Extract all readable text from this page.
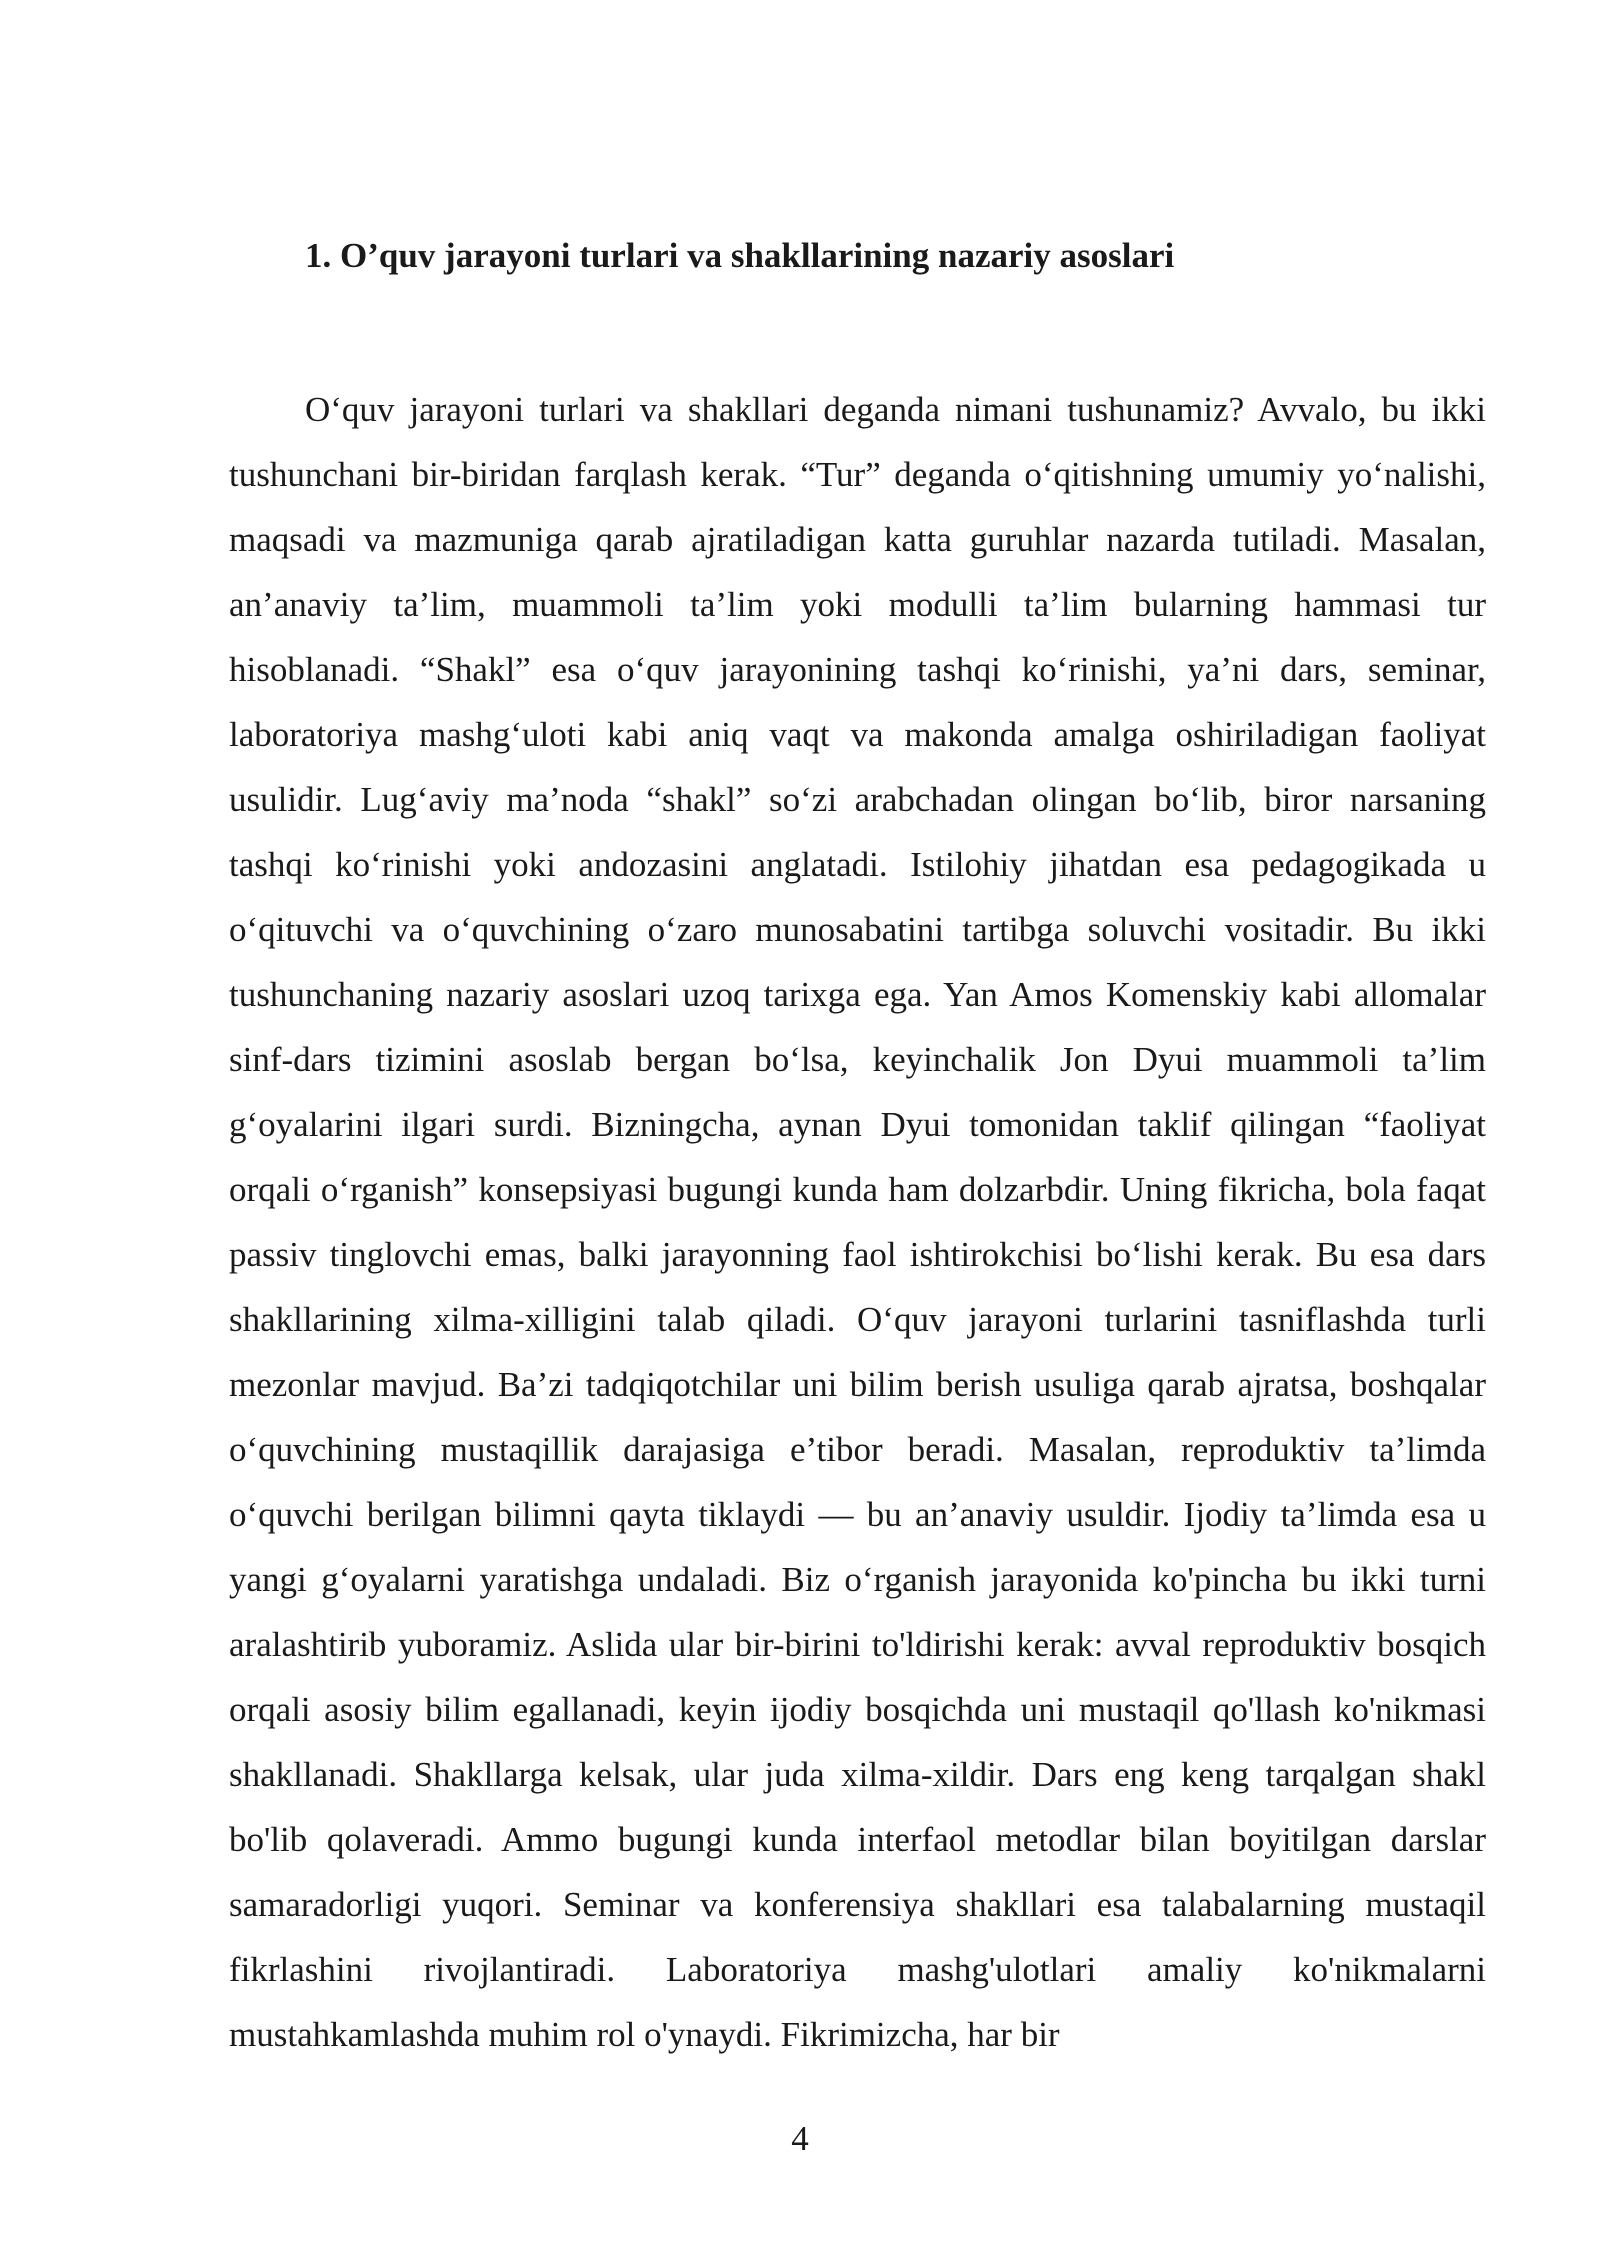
1. O’quv jarayoni turlari va shakllarining nazariy asoslari

O‘quv jarayoni turlari va shakllari deganda nimani tushunamiz? Avvalo, bu ikki tushunchani bir-biridan farqlash kerak. “Tur” deganda o‘qitishning umumiy yo‘nalishi, maqsadi va mazmuniga qarab ajratiladigan katta guruhlar nazarda tutiladi. Masalan, an’anaviy ta’lim, muammoli ta’lim yoki modulli ta’lim bularning hammasi tur hisoblanadi. “Shakl” esa o‘quv jarayonining tashqi ko‘rinishi, ya’ni dars, seminar, laboratoriya mashg‘uloti kabi aniq vaqt va makonda amalga oshiriladigan faoliyat usulidir. Lug‘aviy ma’noda “shakl” so‘zi arabchadan olingan bo‘lib, biror narsaning tashqi ko‘rinishi yoki andozasini anglatadi. Istilohiy jihatdan esa pedagogikada u o‘qituvchi va o‘quvchining o‘zaro munosabatini tartibga soluvchi vositadir. Bu ikki tushunchaning nazariy asoslari uzoq tarixga ega. Yan Amos Komenskiy kabi allomalar sinf-dars tizimini asoslab bergan bo‘lsa, keyinchalik Jon Dyui muammoli ta’lim g‘oyalarini ilgari surdi. Bizningcha, aynan Dyui tomonidan taklif qilingan “faoliyat orqali o‘rganish” konsepsiyasi bugungi kunda ham dolzarbdir. Uning fikricha, bola faqat passiv tinglovchi emas, balki jarayonning faol ishtirokchisi bo‘lishi kerak. Bu esa dars shakllarining xilma-xilligini talab qiladi. O‘quv jarayoni turlarini tasniflashda turli mezonlar mavjud. Ba’zi tadqiqotchilar uni bilim berish usuliga qarab ajratsa, boshqalar o‘quvchining mustaqillik darajasiga e’tibor beradi. Masalan, reproduktiv ta’limda o‘quvchi berilgan bilimni qayta tiklaydi — bu an’anaviy usuldir. Ijodiy ta’limda esa u yangi g‘oyalarni yaratishga undaladi. Biz o‘rganish jarayonida ko'pincha bu ikki turni aralashtirib yuboramiz. Aslida ular bir-birini to'ldirishi kerak: avval reproduktiv bosqich orqali asosiy bilim egallanadi, keyin ijodiy bosqichda uni mustaqil qo'llash ko'nikmasi shakllanadi. Shakllarga kelsak, ular juda xilma-xildir. Dars eng keng tarqalgan shakl bo'lib qolaveradi. Ammo bugungi kunda interfaol metodlar bilan boyitilgan darslar samaradorligi yuqori. Seminar va konferensiya shakllari esa talabalarning mustaqil fikrlashini rivojlantiradi. Laboratoriya mashg'ulotlari amaliy ko'nikmalarni mustahkamlashda muhim rol o'ynaydi. Fikrimizcha, har bir

4
